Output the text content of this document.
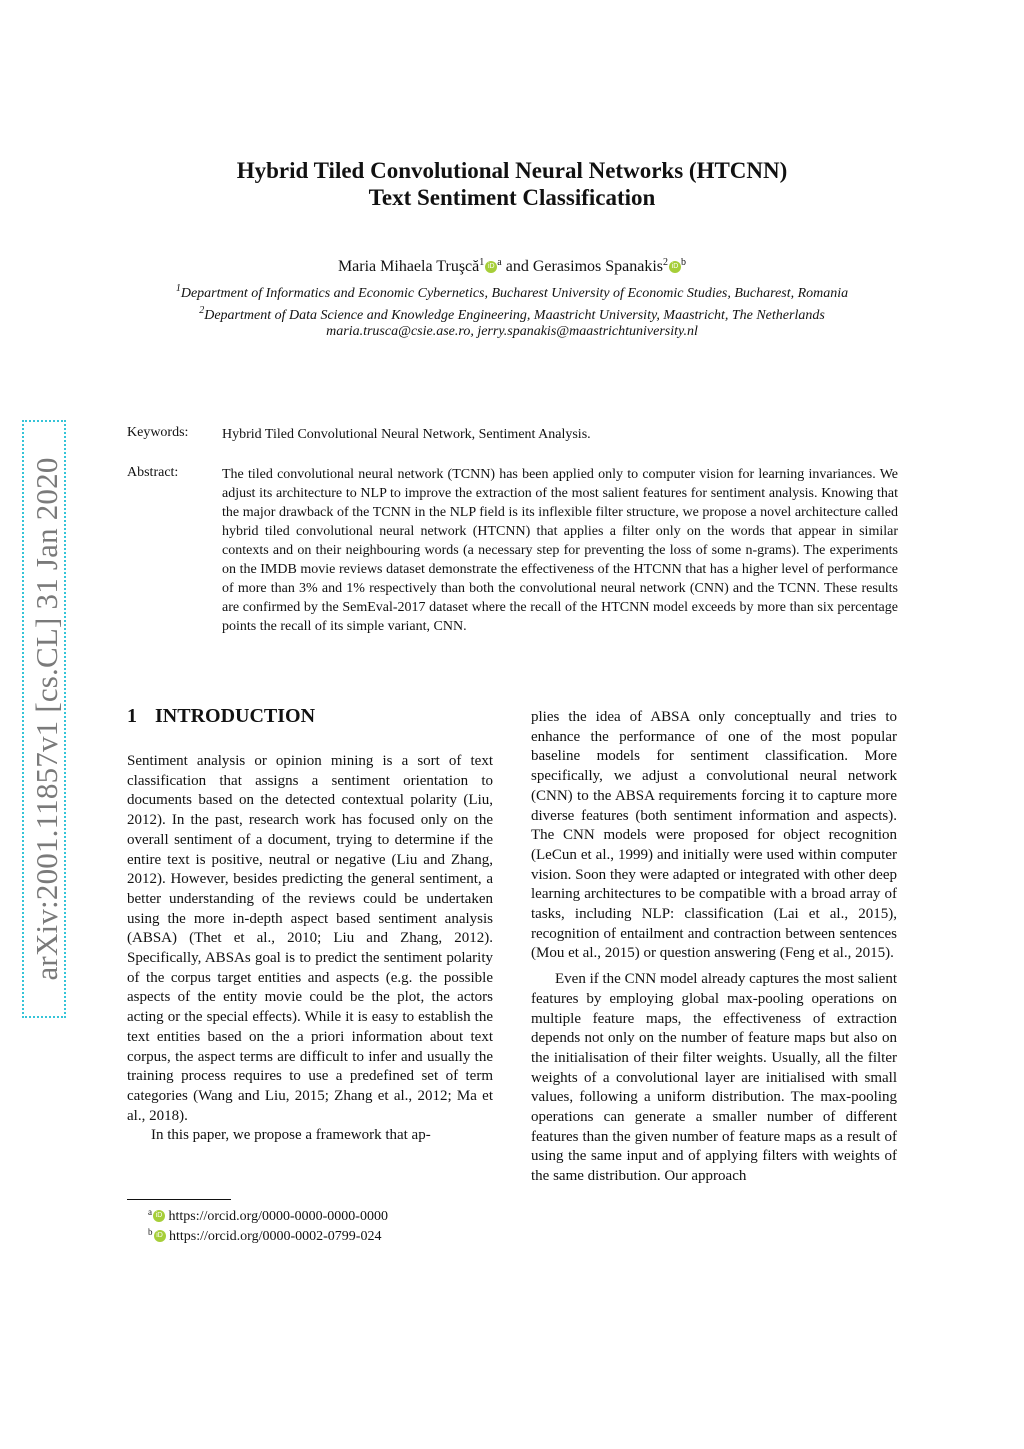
arXiv:2001.11857v1 [cs.CL] 31 Jan 2020
Hybrid Tiled Convolutional Neural Networks (HTCNN)
Text Sentiment Classification
Maria Mihaela Truşcă$^1$ iD $^a$ and Gerasimos Spanakis$^2$ iD $^b$
$^1$Department of Informatics and Economic Cybernetics, Bucharest University of Economic Studies, Bucharest, Romania
$^2$Department of Data Science and Knowledge Engineering, Maastricht University, Maastricht, The Netherlands
maria.trusca@csie.ase.ro, jerry.spanakis@maastrichtuniversity.nl
Keywords: Hybrid Tiled Convolutional Neural Network, Sentiment Analysis.
Abstract:	The tiled convolutional neural network (TCNN) has been applied only to computer vision for learning invariances. We adjust its architecture to NLP to improve the extraction of the most salient features for sentiment analysis. Knowing that the major drawback of the TCNN in the NLP field is its inflexible filter structure, we propose a novel architecture called hybrid tiled convolutional neural network (HTCNN) that applies a filter only on the words that appear in similar contexts and on their neighbouring words (a necessary step for preventing the loss of some n-grams). The experiments on the IMDB movie reviews dataset demonstrate the effectiveness of the HTCNN that has a higher level of performance of more than 3% and 1% respectively than both the convolutional neural network (CNN) and the TCNN. These results are confirmed by the SemEval-2017 dataset where the recall of the HTCNN model exceeds by more than six percentage points the recall of its simple variant, CNN.
1 INTRODUCTION

Sentiment analysis or opinion mining is a sort of text classification that assigns a sentiment orientation to documents based on the detected contextual polarity (Liu, 2012). In the past, research work has focused only on the overall sentiment of a document, trying to determine if the entire text is positive, neutral or negative (Liu and Zhang, 2012). However, besides predicting the general sentiment, a better understanding of the reviews could be undertaken using the more in-depth aspect based sentiment analysis (ABSA) (Thet et al., 2010; Liu and Zhang, 2012). Specifically, ABSAs goal is to predict the sentiment polarity of the corpus target entities and aspects (e.g. the possible aspects of the entity movie could be the plot, the actors acting or the special effects). While it is easy to establish the text entities based on the a priori information about text corpus, the aspect terms are difficult to infer and usually the training process requires to use a predefined set of term categories (Wang and Liu, 2015; Zhang et al., 2012; Ma et al., 2018).

In this paper, we propose a framework that ap-

plies the idea of ABSA only conceptually and tries to enhance the performance of one of the most popular baseline models for sentiment classification. More specifically, we adjust a convolutional neural network (CNN) to the ABSA requirements forcing it to capture more diverse features (both sentiment information and aspects). The CNN models were proposed for object recognition (LeCun et al., 1999) and initially were used within computer vision. Soon they were adapted or integrated with other deep learning architectures to be compatible with a broad array of tasks, including NLP: classification (Lai et al., 2015), recognition of entailment and contraction between sentences (Mou et al., 2015) or question answering (Feng et al., 2015).

Even if the CNN model already captures the most salient features by employing global max-pooling operations on multiple feature maps, the effectiveness of extraction depends not only on the number of feature maps but also on the initialisation of their filter weights. Usually, all the filter weights of a convolutional layer are initialised with small values, following a uniform distribution. The max-pooling operations can generate a smaller number of different features than the given number of feature maps as a result of using the same input and of applying filters with weights of the same distribution. Our approach

$^a$ iD https://orcid.org/0000-0000-0000-0000
$^b$ iD https://orcid.org/0000-0002-0799-024
